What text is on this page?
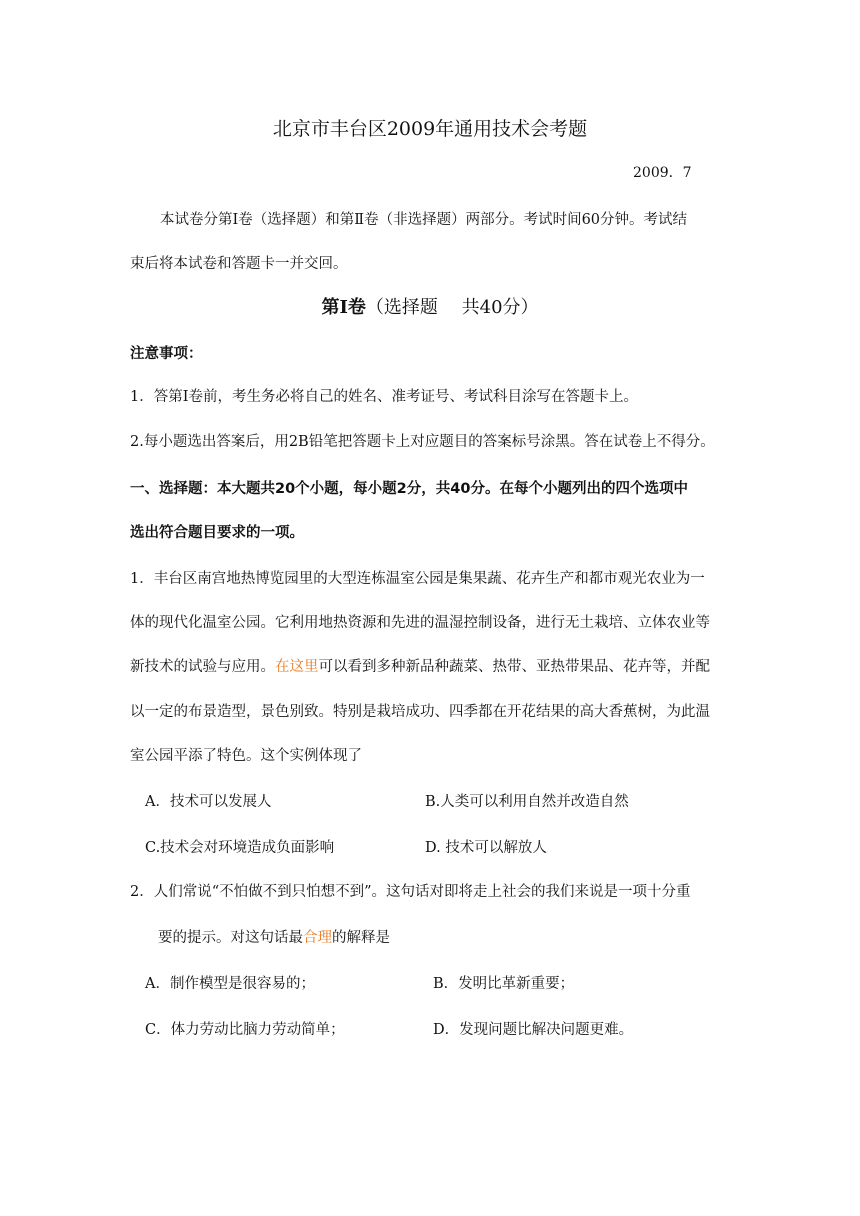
北京市丰台区2009年通用技术会考题
2009．7
本试卷分第Ⅰ卷（选择题）和第Ⅱ卷（非选择题）两部分。考试时间60分钟。考试结
束后将本试卷和答题卡一并交回。
第Ⅰ卷（选择题　 共40分）
注意事项：
1．答第Ⅰ卷前，考生务必将自己的姓名、准考证号、考试科目涂写在答题卡上。
2.每小题选出答案后，用2B铅笔把答题卡上对应题目的答案标号涂黑。答在试卷上不得分。
一、选择题：本大题共20个小题，每小题2分，共40分。在每个小题列出的四个选项中
选出符合题目要求的一项。
1．丰台区南宫地热博览园里的大型连栋温室公园是集果蔬、花卉生产和都市观光农业为一
体的现代化温室公园。它利用地热资源和先进的温湿控制设备，进行无土栽培、立体农业等
新技术的试验与应用。在这里可以看到多种新品种蔬菜、热带、亚热带果品、花卉等，并配
以一定的布景造型，景色别致。特别是栽培成功、四季都在开花结果的高大香蕉树，为此温
室公园平添了特色。这个实例体现了
A．技术可以发展人	B.人类可以利用自然并改造自然
C.技术会对环境造成负面影响	D. 技术可以解放人
2．人们常说“不怕做不到只怕想不到”。这句话对即将走上社会的我们来说是一项十分重
要的提示。对这句话最合理的解释是
A．制作模型是很容易的；	B．发明比革新重要；
C．体力劳动比脑力劳动简单；	D．发现问题比解决问题更难。
